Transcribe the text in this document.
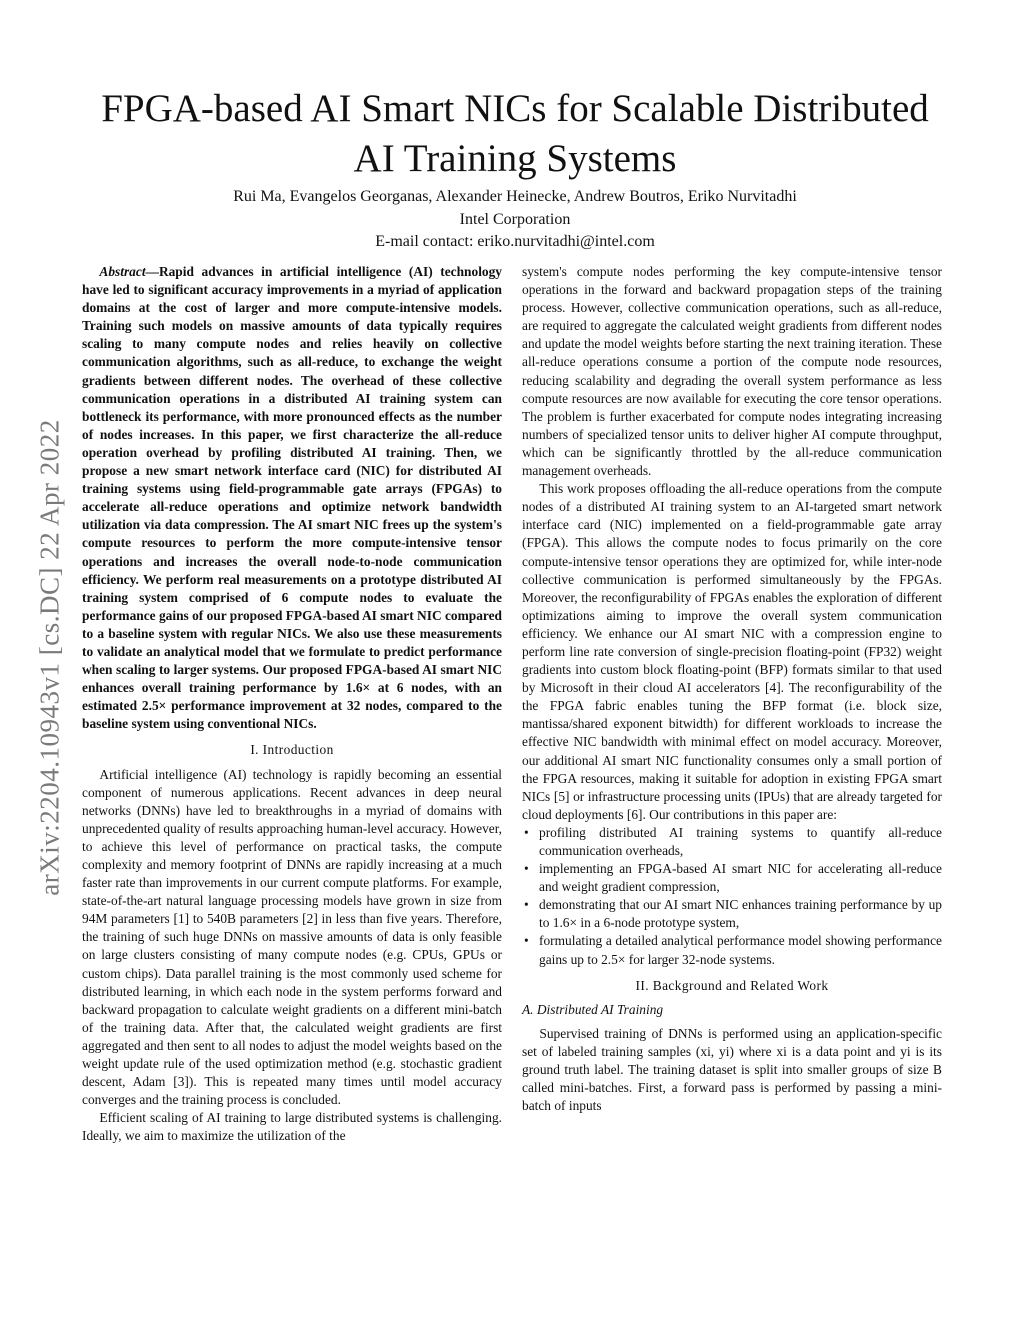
arXiv:2204.10943v1 [cs.DC] 22 Apr 2022
FPGA-based AI Smart NICs for Scalable Distributed AI Training Systems
Rui Ma, Evangelos Georganas, Alexander Heinecke, Andrew Boutros, Eriko Nurvitadhi
Intel Corporation
E-mail contact: eriko.nurvitadhi@intel.com

Abstract—Rapid advances in artificial intelligence (AI) technology have led to significant accuracy improvements in a myriad of application domains at the cost of larger and more compute-intensive models. Training such models on massive amounts of data typically requires scaling to many compute nodes and relies heavily on collective communication algorithms, such as all-reduce, to exchange the weight gradients between different nodes. The overhead of these collective communication operations in a distributed AI training system can bottleneck its performance, with more pronounced effects as the number of nodes increases. In this paper, we first characterize the all-reduce operation overhead by profiling distributed AI training. Then, we propose a new smart network interface card (NIC) for distributed AI training systems using field-programmable gate arrays (FPGAs) to accelerate all-reduce operations and optimize network bandwidth utilization via data compression. The AI smart NIC frees up the system's compute resources to perform the more compute-intensive tensor operations and increases the overall node-to-node communication efficiency. We perform real measurements on a prototype distributed AI training system comprised of 6 compute nodes to evaluate the performance gains of our proposed FPGA-based AI smart NIC compared to a baseline system with regular NICs. We also use these measurements to validate an analytical model that we formulate to predict performance when scaling to larger systems. Our proposed FPGA-based AI smart NIC enhances overall training performance by 1.6× at 6 nodes, with an estimated 2.5× performance improvement at 32 nodes, compared to the baseline system using conventional NICs.

I. Introduction

Artificial intelligence (AI) technology is rapidly becoming an essential component of numerous applications. Recent advances in deep neural networks (DNNs) have led to breakthroughs in a myriad of domains with unprecedented quality of results approaching human-level accuracy. However, to achieve this level of performance on practical tasks, the compute complexity and memory footprint of DNNs are rapidly increasing at a much faster rate than improvements in our current compute platforms. For example, state-of-the-art natural language processing models have grown in size from 94M parameters [1] to 540B parameters [2] in less than five years. Therefore, the training of such huge DNNs on massive amounts of data is only feasible on large clusters consisting of many compute nodes (e.g. CPUs, GPUs or custom chips). Data parallel training is the most commonly used scheme for distributed learning, in which each node in the system performs forward and backward propagation to calculate weight gradients on a different mini-batch of the training data. After that, the calculated weight gradients are first aggregated and then sent to all nodes to adjust the model weights based on the weight update rule of the used optimization method (e.g. stochastic gradient descent, Adam [3]). This is repeated many times until model accuracy converges and the training process is concluded.

Efficient scaling of AI training to large distributed systems is challenging. Ideally, we aim to maximize the utilization of the

system's compute nodes performing the key compute-intensive tensor operations in the forward and backward propagation steps of the training process. However, collective communication operations, such as all-reduce, are required to aggregate the calculated weight gradients from different nodes and update the model weights before starting the next training iteration. These all-reduce operations consume a portion of the compute node resources, reducing scalability and degrading the overall system performance as less compute resources are now available for executing the core tensor operations. The problem is further exacerbated for compute nodes integrating increasing numbers of specialized tensor units to deliver higher AI compute throughput, which can be significantly throttled by the all-reduce communication management overheads.

This work proposes offloading the all-reduce operations from the compute nodes of a distributed AI training system to an AI-targeted smart network interface card (NIC) implemented on a field-programmable gate array (FPGA). This allows the compute nodes to focus primarily on the core compute-intensive tensor operations they are optimized for, while inter-node collective communication is performed simultaneously by the FPGAs. Moreover, the reconfigurability of FPGAs enables the exploration of different optimizations aiming to improve the overall system communication efficiency. We enhance our AI smart NIC with a compression engine to perform line rate conversion of single-precision floating-point (FP32) weight gradients into custom block floating-point (BFP) formats similar to that used by Microsoft in their cloud AI accelerators [4]. The reconfigurability of the the FPGA fabric enables tuning the BFP format (i.e. block size, mantissa/shared exponent bitwidth) for different workloads to increase the effective NIC bandwidth with minimal effect on model accuracy. Moreover, our additional AI smart NIC functionality consumes only a small portion of the FPGA resources, making it suitable for adoption in existing FPGA smart NICs [5] or infrastructure processing units (IPUs) that are already targeted for cloud deployments [6]. Our contributions in this paper are:

• profiling distributed AI training systems to quantify all-reduce communication overheads,
• implementing an FPGA-based AI smart NIC for accelerating all-reduce and weight gradient compression,
• demonstrating that our AI smart NIC enhances training performance by up to 1.6× in a 6-node prototype system,
• formulating a detailed analytical performance model showing performance gains up to 2.5× for larger 32-node systems.
II. Background and Related Work
A. Distributed AI Training

Supervised training of DNNs is performed using an application-specific set of labeled training samples (xi, yi) where xi is a data point and yi is its ground truth label. The training dataset is split into smaller groups of size B called mini-batches. First, a forward pass is performed by passing a mini-batch of inputs
